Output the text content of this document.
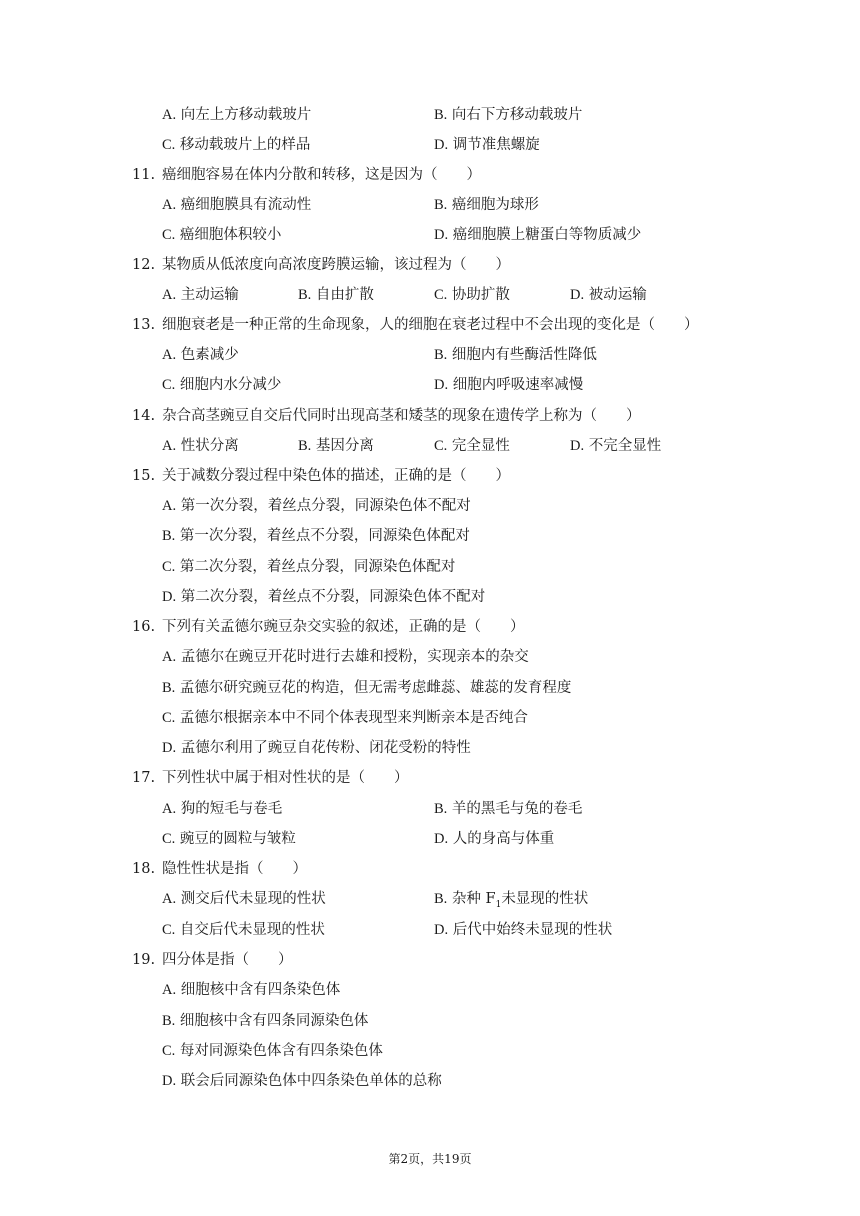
A. 向左上方移动载玻片	B. 向右下方移动载玻片
C. 移动载玻片上的样品	D. 调节准焦螺旋
11. 癌细胞容易在体内分散和转移，这是因为（　　）
A. 癌细胞膜具有流动性	B. 癌细胞为球形
C. 癌细胞体积较小	D. 癌细胞膜上糖蛋白等物质减少
12. 某物质从低浓度向高浓度跨膜运输，该过程为（　　）
A. 主动运输	B. 自由扩散	C. 协助扩散	D. 被动运输
13. 细胞衰老是一种正常的生命现象，人的细胞在衰老过程中不会出现的变化是（　　）
A. 色素减少	B. 细胞内有些酶活性降低
C. 细胞内水分减少	D. 细胞内呼吸速率减慢
14. 杂合高茎豌豆自交后代同时出现高茎和矮茎的现象在遗传学上称为（　　）
A. 性状分离	B. 基因分离	C. 完全显性	D. 不完全显性
15. 关于减数分裂过程中染色体的描述，正确的是（　　）
A. 第一次分裂，着丝点分裂，同源染色体不配对
B. 第一次分裂，着丝点不分裂，同源染色体配对
C. 第二次分裂，着丝点分裂，同源染色体配对
D. 第二次分裂，着丝点不分裂，同源染色体不配对
16. 下列有关孟德尔豌豆杂交实验的叙述，正确的是（　　）
A. 孟德尔在豌豆开花时进行去雄和授粉，实现亲本的杂交
B. 孟德尔研究豌豆花的构造，但无需考虑雌蕊、雄蕊的发育程度
C. 孟德尔根据亲本中不同个体表现型来判断亲本是否纯合
D. 孟德尔利用了豌豆自花传粉、闭花受粉的特性
17. 下列性状中属于相对性状的是（　　）
A. 狗的短毛与卷毛	B. 羊的黑毛与兔的卷毛
C. 豌豆的圆粒与皱粒	D. 人的身高与体重
18. 隐性性状是指（　　）
A. 测交后代未显现的性状	B. 杂种 $F_1$未显现的性状
C. 自交后代未显现的性状	D. 后代中始终未显现的性状
19. 四分体是指（　　）
A. 细胞核中含有四条染色体
B. 细胞核中含有四条同源染色体
C. 每对同源染色体含有四条染色体
D. 联会后同源染色体中四条染色单体的总称
第2页，共19页
